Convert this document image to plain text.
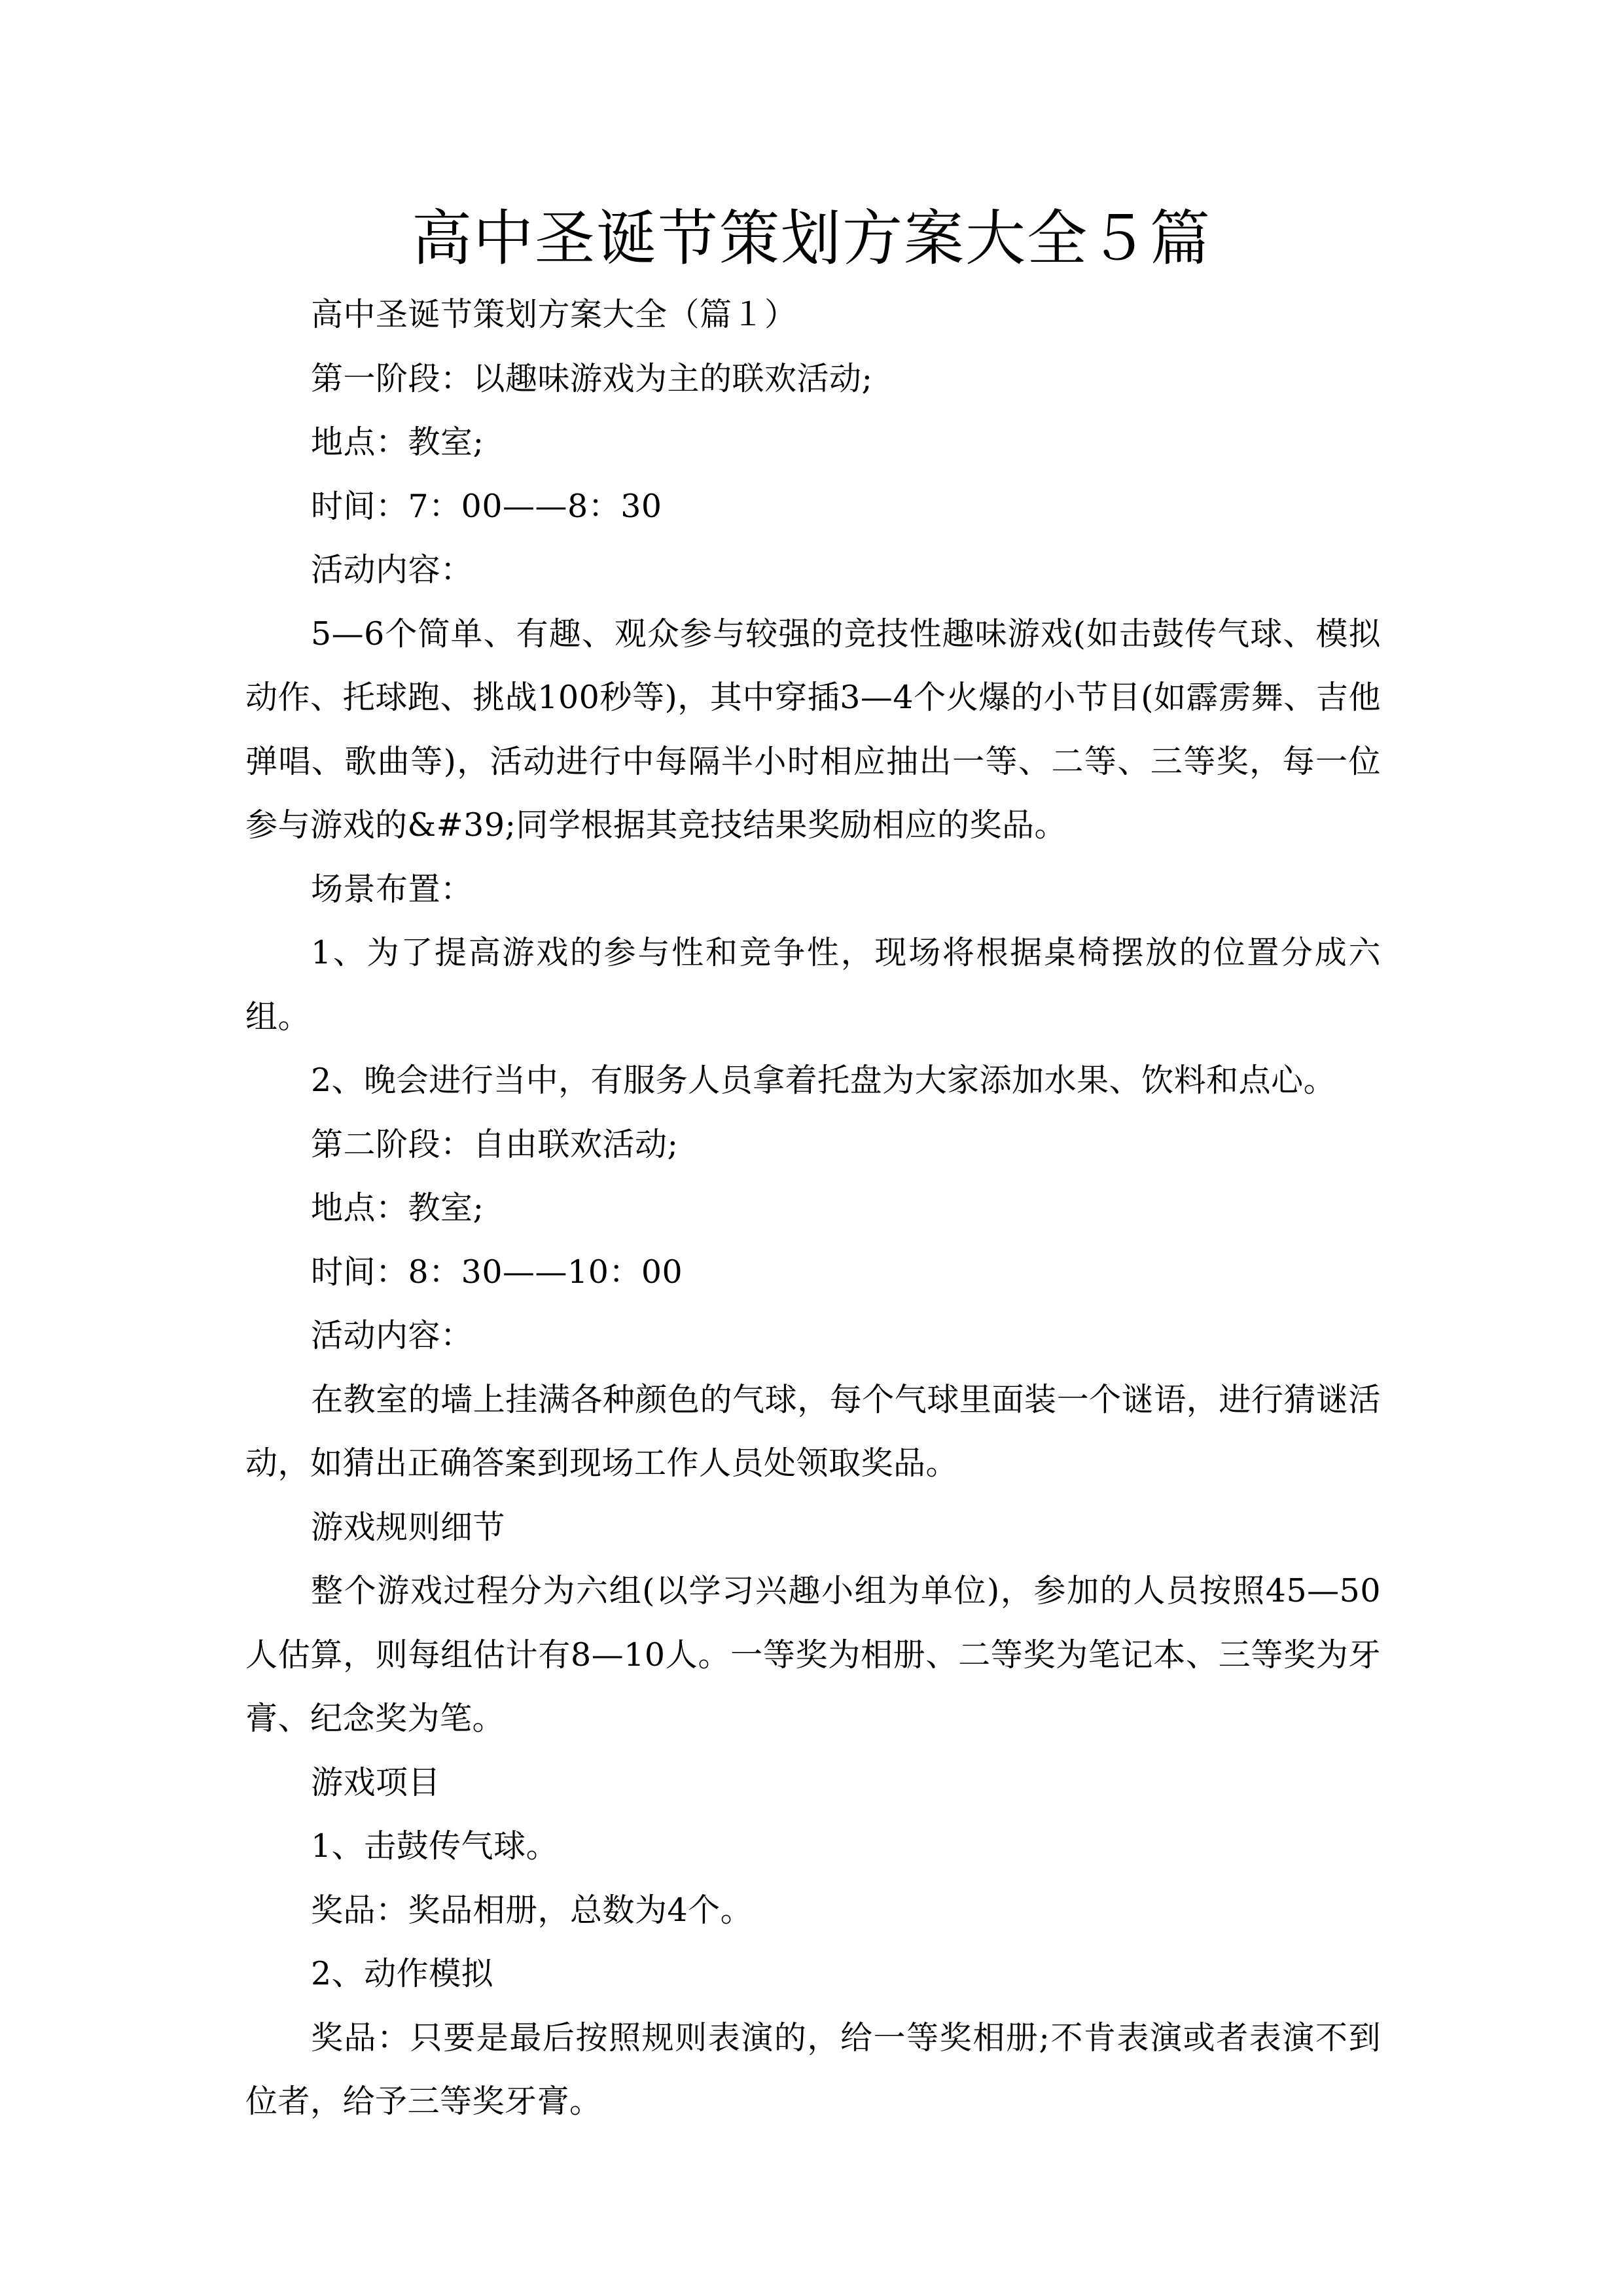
高中圣诞节策划方案大全５篇

高中圣诞节策划方案大全（篇１）

第一阶段：以趣味游戏为主的联欢活动;

地点：教室;

时间：7：00——8：30

活动内容：

5—6个简单、有趣、观众参与较强的竞技性趣味游戏(如击鼓传气球、模拟动作、托球跑、挑战100秒等)，其中穿插3—4个火爆的小节目(如霹雳舞、吉他弹唱、歌曲等)，活动进行中每隔半小时相应抽出一等、二等、三等奖，每一位参与游戏的&#39;同学根据其竞技结果奖励相应的奖品。

场景布置：

1、为了提高游戏的参与性和竞争性，现场将根据桌椅摆放的位置分成六组。

2、晚会进行当中，有服务人员拿着托盘为大家添加水果、饮料和点心。

第二阶段：自由联欢活动;

地点：教室;

时间：8：30——10：00

活动内容：

在教室的墙上挂满各种颜色的气球，每个气球里面装一个谜语，进行猜谜活动，如猜出正确答案到现场工作人员处领取奖品。

游戏规则细节

整个游戏过程分为六组(以学习兴趣小组为单位)，参加的人员按照45—50人估算，则每组估计有8—10人。一等奖为相册、二等奖为笔记本、三等奖为牙膏、纪念奖为笔。

游戏项目

1、击鼓传气球。

奖品：奖品相册，总数为4个。

2、动作模拟

奖品：只要是最后按照规则表演的，给一等奖相册;不肯表演或者表演不到位者，给予三等奖牙膏。
